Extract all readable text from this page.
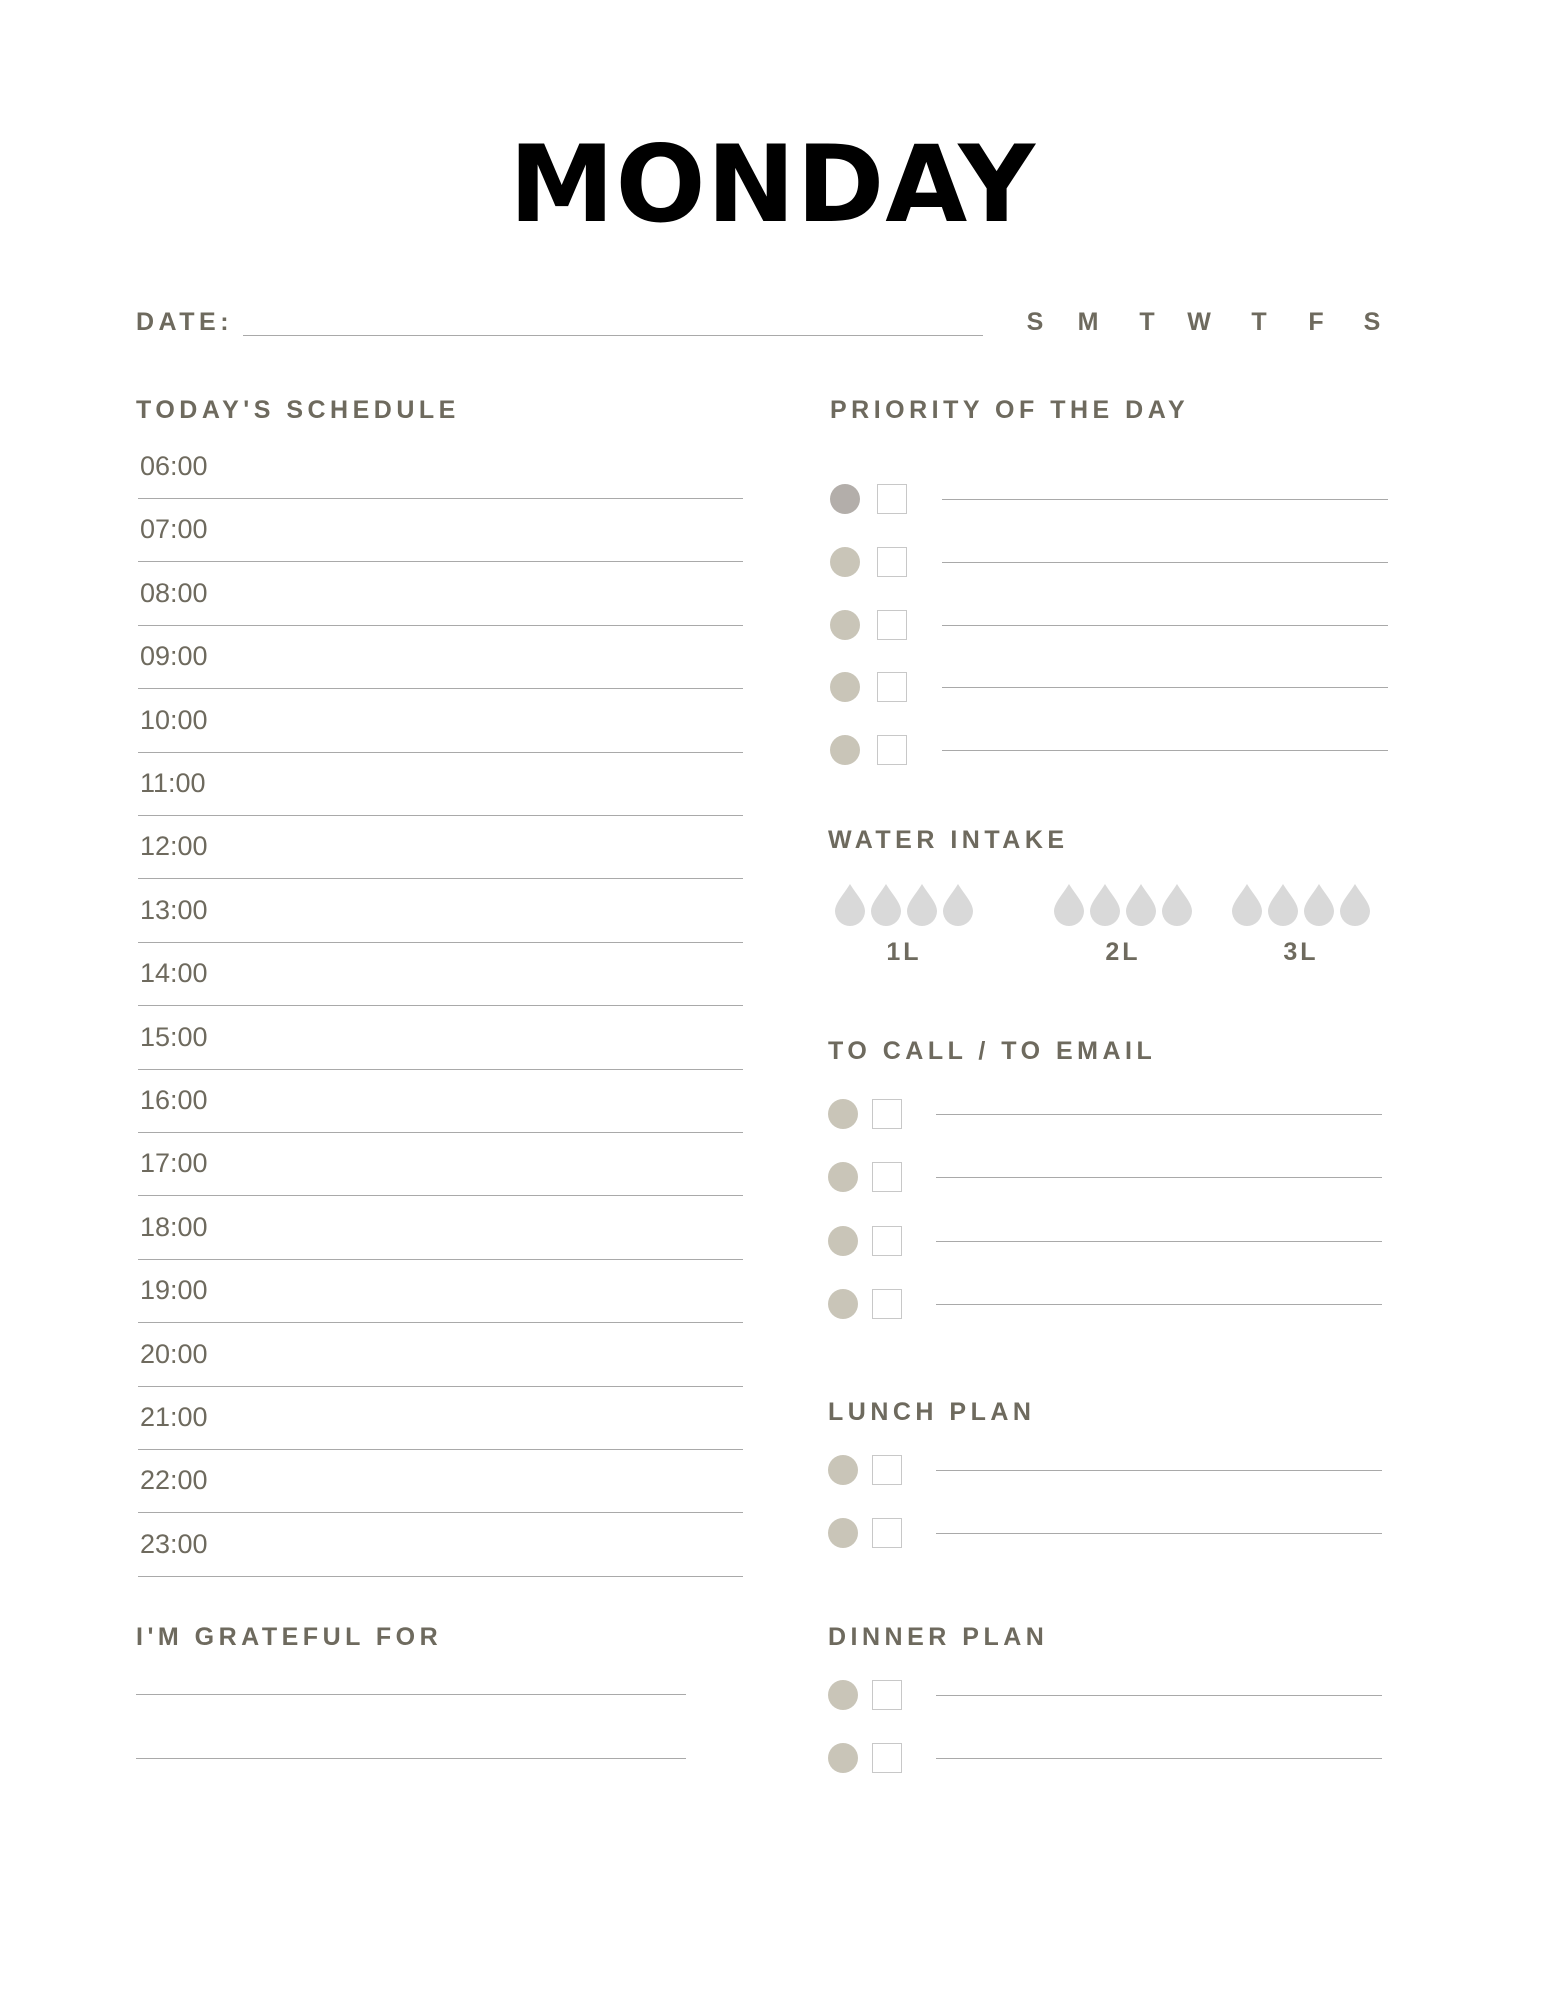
MONDAY
DATE:	S	M	T	W	T	F	S
TODAY'S SCHEDULE	PRIORITY OF THE DAY
WATER INTAKE
TO CALL / TO EMAIL
LUNCH PLAN
DINNER PLAN
I'M GRATEFUL FOR
06:00
07:00
08:00
09:00
10:00
11:00
12:00
13:00
14:00
15:00
16:00
17:00
18:00
19:00
20:00
21:00
22:00
23:00
1L	2L	3L
